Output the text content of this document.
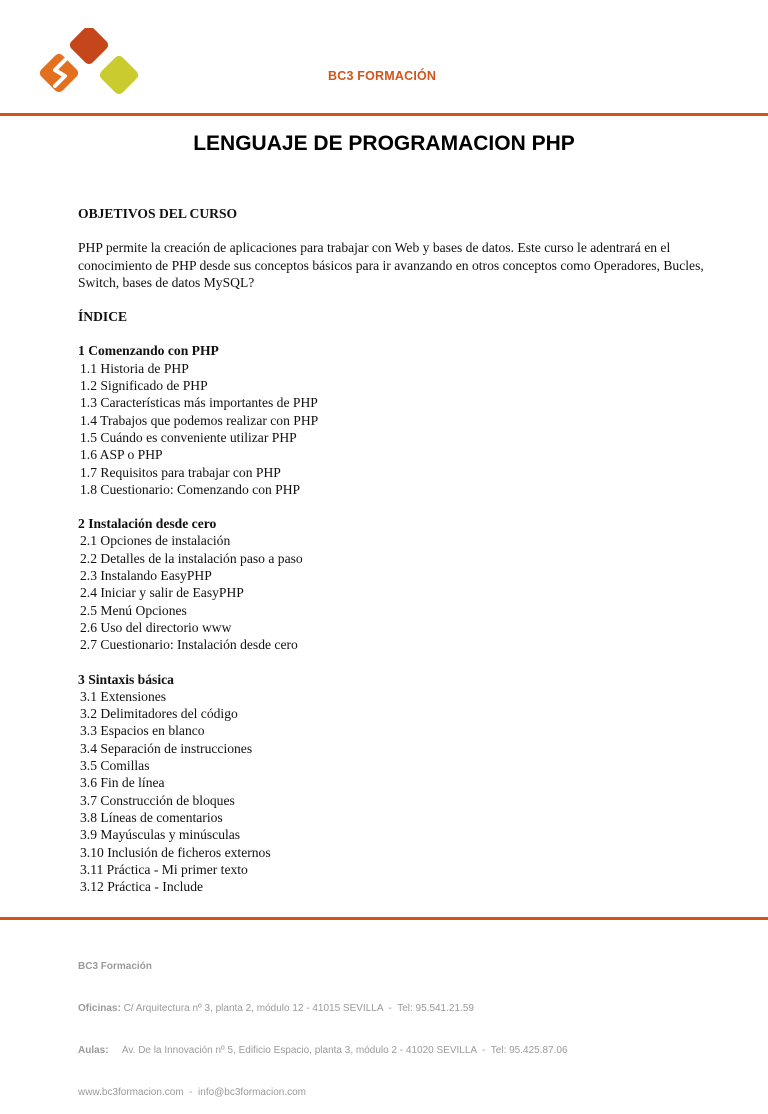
BC3 FORMACIÓN
LENGUAJE DE PROGRAMACION PHP

OBJETIVOS DEL CURSO

PHP permite la creación de aplicaciones para trabajar con Web y bases de datos. Este curso le adentrará en el conocimiento de PHP desde sus conceptos básicos para ir avanzando en otros conceptos como Operadores, Bucles, Switch, bases de datos MySQL?

ÍNDICE

1 Comenzando con PHP
1.1 Historia de PHP
1.2 Significado de PHP
1.3 Características más importantes de PHP
1.4 Trabajos que podemos realizar con PHP
1.5 Cuándo es conveniente utilizar PHP
1.6 ASP o PHP
1.7 Requisitos para trabajar con PHP
1.8 Cuestionario: Comenzando con PHP
2 Instalación desde cero
2.1 Opciones de instalación
2.2 Detalles de la instalación paso a paso
2.3 Instalando EasyPHP
2.4 Iniciar y salir de EasyPHP
2.5 Menú Opciones
2.6 Uso del directorio www
2.7 Cuestionario: Instalación desde cero
3 Sintaxis básica
3.1 Extensiones
3.2 Delimitadores del código
3.3 Espacios en blanco
3.4 Separación de instrucciones
3.5 Comillas
3.6 Fin de línea
3.7 Construcción de bloques
3.8 Líneas de comentarios
3.9 Mayúsculas y minúsculas
3.10 Inclusión de ficheros externos
3.11 Práctica - Mi primer texto
3.12 Práctica - Include

BC3 Formación

Oficinas: C/ Arquitectura nº 3, planta 2, módulo 12 - 41015 SEVILLA  -  Tel: 95.541.21.59

Aulas:     Av. De la Innovación nº 5, Edificio Espacio, planta 3, módulo 2 - 41020 SEVILLA  -  Tel: 95.425.87.06

www.bc3formacion.com  -  info@bc3formacion.com
